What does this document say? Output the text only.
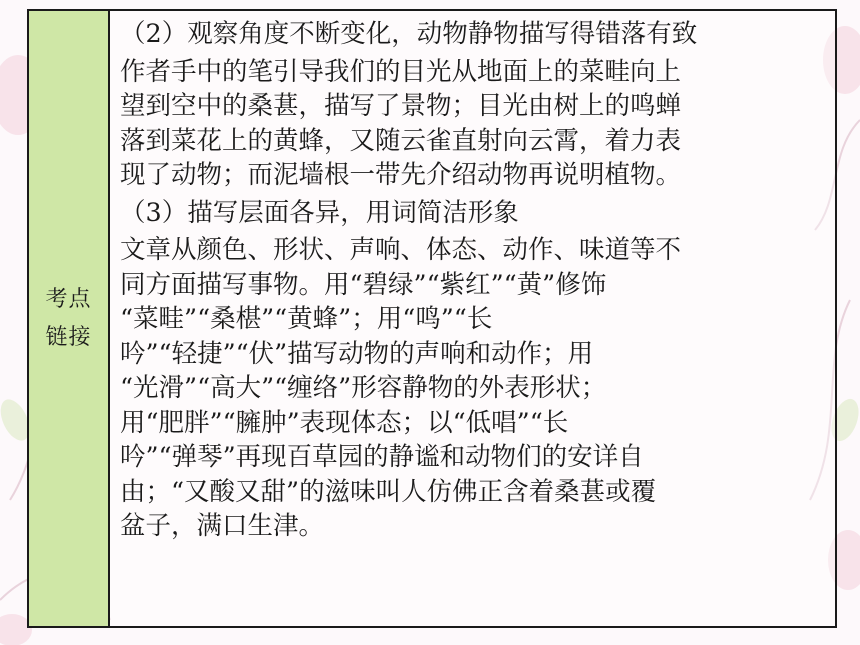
考点
链接
（2）观察角度不断变化，动物静物描写得错落有致
作者手中的笔引导我们的目光从地面上的菜畦向上
望到空中的桑葚，描写了景物；目光由树上的鸣蝉
落到菜花上的黄蜂，又随云雀直射向云霄，着力表
现了动物；而泥墙根一带先介绍动物再说明植物。
（3）描写层面各异，用词简洁形象
文章从颜色、形状、声响、体态、动作、味道等不
同方面描写事物。用“碧绿”“紫红”“黄”修饰
“菜畦”“桑椹”“黄蜂”；用“鸣”“长
吟”“轻捷”“伏”描写动物的声响和动作；用
“光滑”“高大”“缠络”形容静物的外表形状；
用“肥胖”“臃肿”表现体态；以“低唱”“长
吟”“弹琴”再现百草园的静谧和动物们的安详自
由；“又酸又甜”的滋味叫人仿佛正含着桑葚或覆
盆子，满口生津。
